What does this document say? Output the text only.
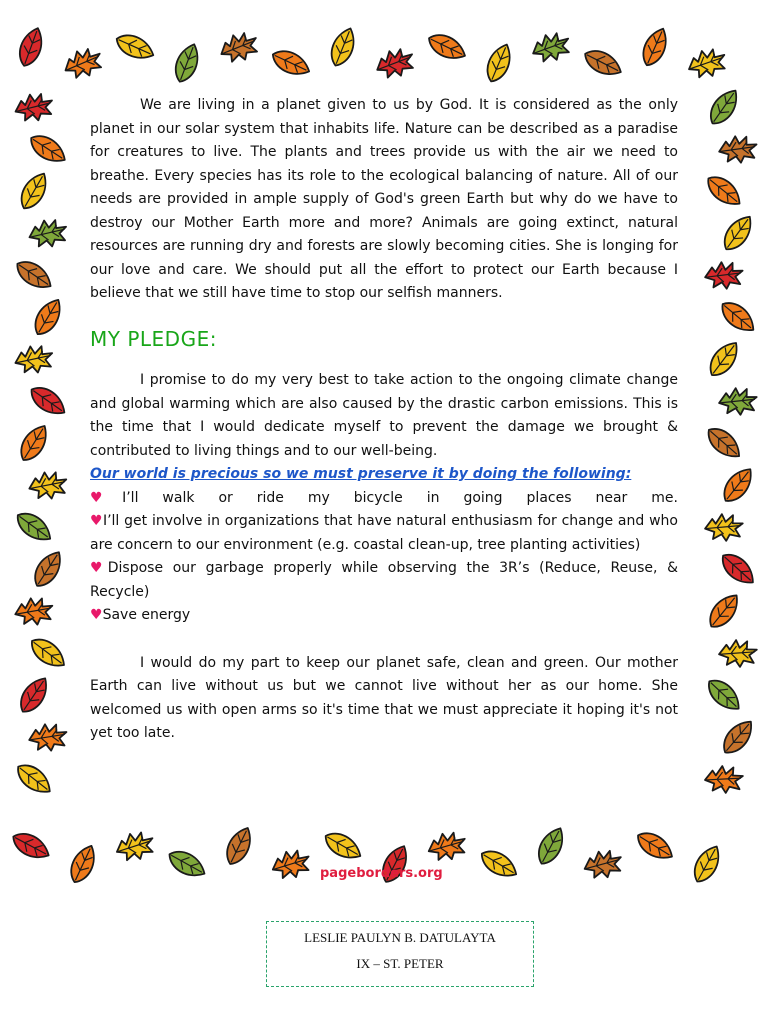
We are living in a planet given to us by God. It is considered as the only planet in our solar system that inhabits life. Nature can be described as a paradise for creatures to live. The plants and trees provide us with the air we need to breathe. Every species has its role to the ecological balancing of nature. All of our needs are provided in ample supply of God's green Earth but why do we have to destroy our Mother Earth more and more? Animals are going extinct, natural resources are running dry and forests are slowly becoming cities. She is longing for our love and care. We should put all the effort to protect our Earth because I believe that we still have time to stop our selfish manners.

MY PLEDGE:

I promise to do my very best to take action to the ongoing climate change and global warming which are also caused by the drastic carbon emissions. This is the time that I would dedicate myself to prevent the damage we brought & contributed to living things and to our well-being.

Our world is precious so we must preserve it by doing the following:

♥I’ll walk or ride my bicycle in going places near me.

♥I’ll get involve in organizations that have natural enthusiasm for change and who are concern to our environment (e.g. coastal clean-up, tree planting activities)

♥Dispose our garbage properly while observing the 3R’s (Reduce, Reuse, & Recycle)

♥Save energy

I would do my part to keep our planet safe, clean and green. Our mother Earth can live without us but we cannot live without her as our home. She welcomed us with open arms so it's time that we must appreciate it hoping it's not yet too late.

pageborders.org
LESLIE PAULYN B. DATULAYTA
IX – ST. PETER
